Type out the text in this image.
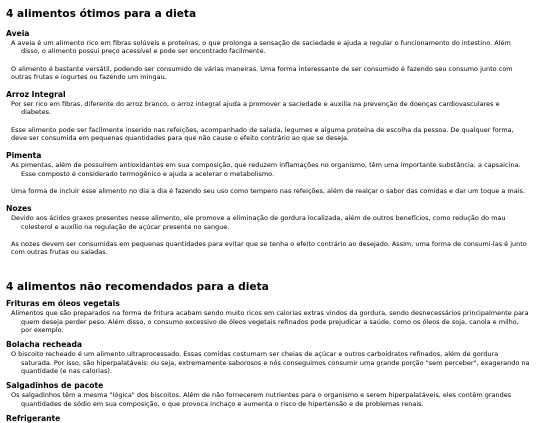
4 alimentos ótimos para a dieta
Aveia

A aveia é um alimento rico em fibras solúveis e proteínas, o que prolonga a sensação de saciedade e ajuda a regular o funcionamento do intestino. Além disso, o alimento possui preço acessível e pode ser encontrado facilmente.

O alimento é bastante versátil, podendo ser consumido de várias maneiras. Uma forma interessante de ser consumido é fazendo seu consumo junto com outras frutas e iogurtes ou fazendo um mingau.

Arroz Integral

Por ser rico em fibras, diferente do arroz branco, o arroz integral ajuda a promover a saciedade e auxilia na prevenção de doenças cardiovasculares e diabetes.

Esse alimento pode ser facilmente inserido nas refeições, acompanhado de salada, legumes e alguma proteína de escolha da pessoa. De qualquer forma, deve ser consumida em pequenas quantidades para que não cause o efeito contrário ao que se deseja.

Pimenta

As pimentas, além de possuírem antioxidantes em sua composição, que reduzem inflamações no organismo, têm uma importante substância: a capsaicina. Esse composto é considerado termogênico e ajuda a acelerar o metabolismo.

Uma forma de incluir esse alimento no dia a dia é fazendo seu uso como tempero nas refeições, além de realçar o sabor das comidas e dar um toque a mais.

Nozes

Devido aos ácidos graxos presentes nesse alimento, ele promove a eliminação de gordura localizada, além de outros benefícios, como redução do mau colesterol e auxílio na regulação de açúcar presente no sangue.

As nozes devem ser consumidas em pequenas quantidades para evitar que se tenha o efeito contrário ao desejado. Assim, uma forma de consumi-las é junto com outras frutas ou saladas.

4 alimentos não recomendados para a dieta
Frituras em óleos vegetais

Alimentos que são preparados na forma de fritura acabam sendo muito ricos em calorias extras vindos da gordura, sendo desnecessários principalmente para quem deseja perder peso. Além disso, o consumo excessivo de óleos vegetais refinados pode prejudicar a saúde, como os óleos de soja, canola e milho, por exemplo.

Bolacha recheada

O biscoito recheado é um alimento ultraprocessado. Essas comidas costumam ser cheias de açúcar e outros carboidratos refinados, além de gordura saturada. Por isso, são hiperpalatáveis: ou seja, extremamente saborosos e nós conseguimos consumir uma grande porção "sem perceber", exagerando na quantidade (e nas calorias).

Salgadinhos de pacote

Os salgadinhos têm a mesma "lógica" dos biscoitos. Além de não fornecerem nutrientes para o organismo e serem hiperpalatáveis, eles contêm grandes quantidades de sódio em sua composição, o que provoca inchaço e aumenta o risco de hipertensão e de problemas renais.

Refrigerante
